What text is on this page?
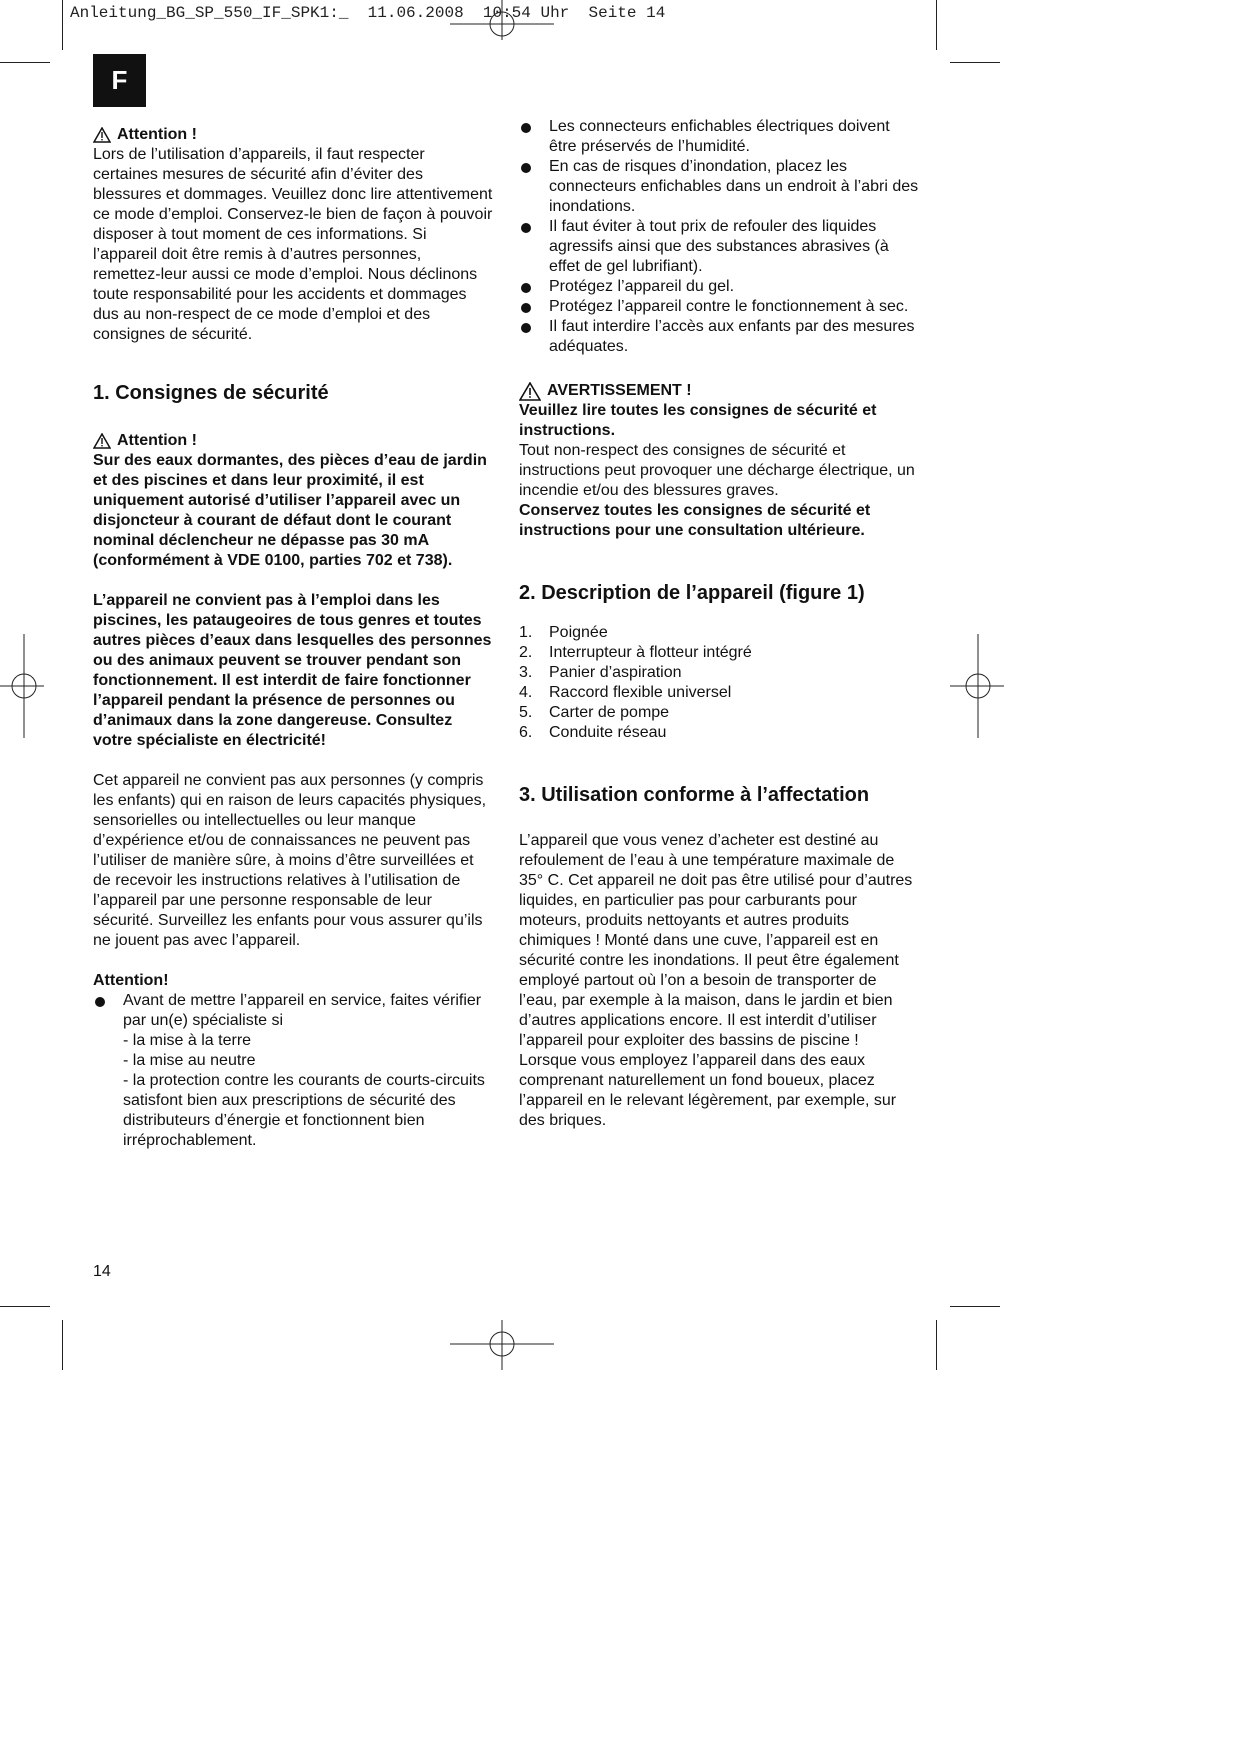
Anleitung_BG_SP_550_IF_SPK1:_  11.06.2008  10:54 Uhr  Seite 14
F
Attention !

Lors de l’utilisation d’appareils, il faut respecter certaines mesures de sécurité afin d’éviter des blessures et dommages. Veuillez donc lire attentivement ce mode d’emploi. Conservez-le bien de façon à pouvoir disposer à tout moment de ces informations. Si l’appareil doit être remis à d’autres personnes, remettez-leur aussi ce mode d’emploi. Nous déclinons toute responsabilité pour les accidents et dommages dus au non-respect de ce mode d’emploi et des consignes de sécurité.

1. Consignes de sécurité
Attention !

Sur des eaux dormantes, des pièces d’eau de jardin et des piscines et dans leur proximité, il est uniquement autorisé d’utiliser l’appareil avec un disjoncteur à courant de défaut dont le courant nominal déclencheur ne dépasse pas 30 mA (conformément à VDE 0100, parties 702 et 738).

L’appareil ne convient pas à l’emploi dans les piscines, les pataugeoires de tous genres et toutes autres pièces d’eaux dans lesquelles des personnes ou des animaux peuvent se trouver pendant son fonctionnement. Il est interdit de faire fonctionner l’appareil pendant la présence de personnes ou d’animaux dans la zone dangereuse. Consultez votre spécialiste en électricité!

Cet appareil ne convient pas aux personnes (y compris les enfants) qui en raison de leurs capacités physiques, sensorielles ou intellectuelles ou leur manque d’expérience et/ou de connaissances ne peuvent pas l’utiliser de manière sûre, à moins d’être surveillées et de recevoir les instructions relatives à l’utilisation de l’appareil par une personne responsable de leur sécurité. Surveillez les enfants pour vous assurer qu’ils ne jouent pas avec l’appareil.

Attention!

Avant de mettre l’appareil en service, faites vérifier par un(e) spécialiste si
- la mise à la terre
- la mise au neutre
- la protection contre les courants de courts-circuits
satisfont bien aux prescriptions de sécurité des distributeurs d’énergie et fonctionnent bien irréprochablement.
Les connecteurs enfichables électriques doivent être préservés de l’humidité.
En cas de risques d’inondation, placez les connecteurs enfichables dans un endroit à l’abri des inondations.
Il faut éviter à tout prix de refouler des liquides agressifs ainsi que des substances abrasives (à effet de gel lubrifiant).
Protégez l’appareil du gel.
Protégez l’appareil contre le fonctionnement à sec.
Il faut interdire l’accès aux enfants par des mesures adéquates.
AVERTISSEMENT !

Veuillez lire toutes les consignes de sécurité et instructions.

Tout non-respect des consignes de sécurité et instructions peut provoquer une décharge électrique, un incendie et/ou des blessures graves.

Conservez toutes les consignes de sécurité et instructions pour une consultation ultérieure.

2. Description de l’appareil (figure 1)
1. Poignée
2. Interrupteur à flotteur intégré
3. Panier d’aspiration
4. Raccord flexible universel
5. Carter de pompe
6. Conduite réseau
3. Utilisation conforme à l’affectation

L’appareil que vous venez d’acheter est destiné au refoulement de l’eau à une température maximale de 35° C. Cet appareil ne doit pas être utilisé pour d’autres liquides, en particulier pas pour carburants pour moteurs, produits nettoyants et autres produits chimiques ! Monté dans une cuve, l’appareil est en sécurité contre les inondations. Il peut être également employé partout où l’on a besoin de transporter de l’eau, par exemple à la maison, dans le jardin et bien d’autres applications encore. Il est interdit d’utiliser l’appareil pour exploiter des bassins de piscine !

Lorsque vous employez l’appareil dans des eaux comprenant naturellement un fond boueux, placez l’appareil en le relevant légèrement, par exemple, sur des briques.

14
